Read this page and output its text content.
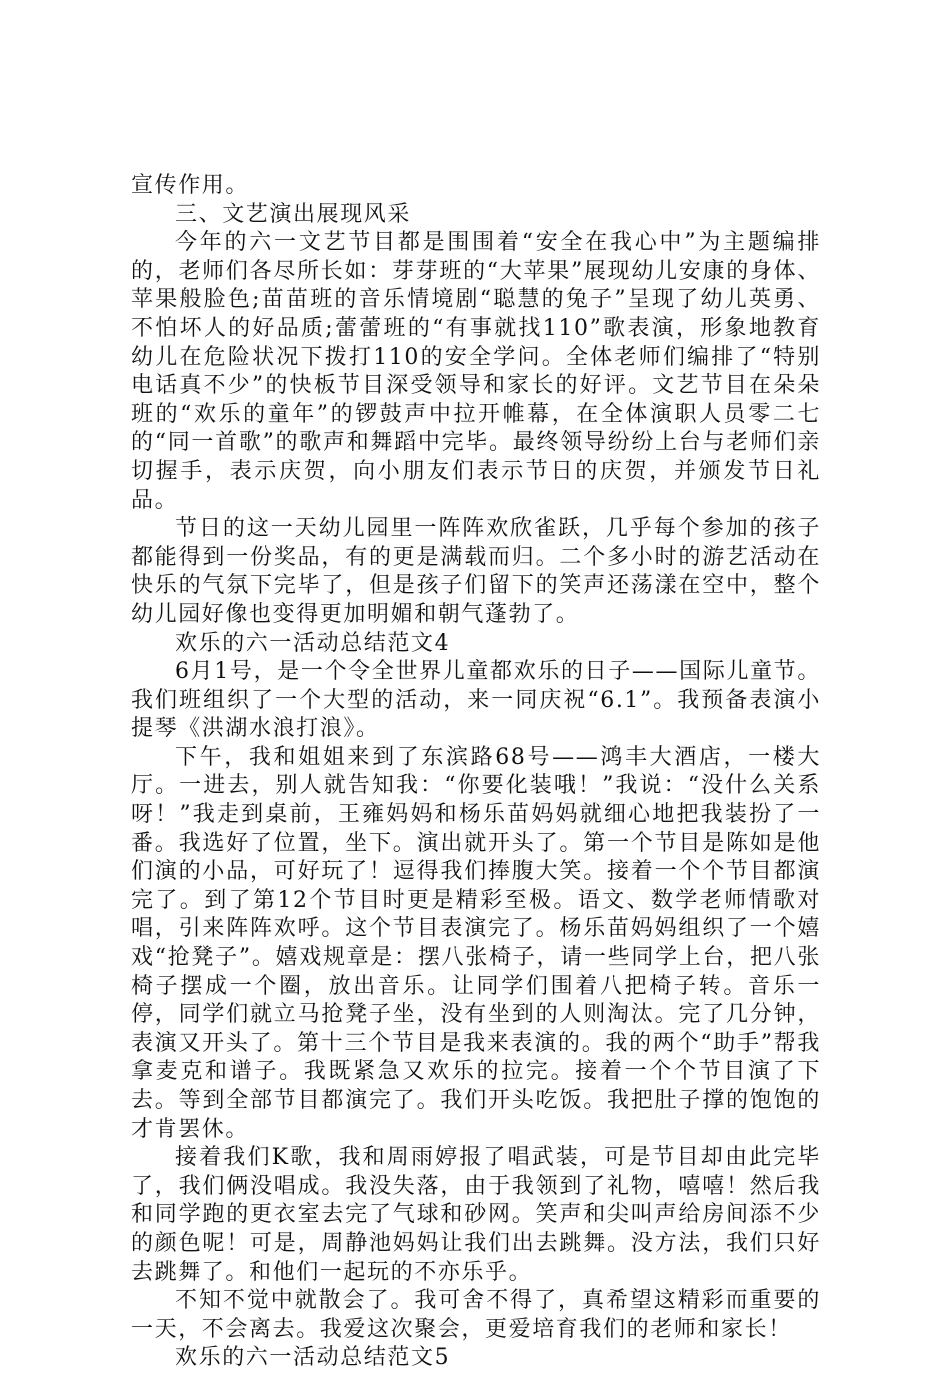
宣传作用。

三、文艺演出展现风采

今年的六一文艺节目都是围围着“安全在我心中”为主题编排的，老师们各尽所长如：芽芽班的“大苹果”展现幼儿安康的身体、苹果般脸色;苗苗班的音乐情境剧“聪慧的兔子”呈现了幼儿英勇、不怕坏人的好品质;蕾蕾班的“有事就找110”歌表演，形象地教育幼儿在危险状况下拨打110的安全学问。全体老师们编排了“特别电话真不少”的快板节目深受领导和家长的好评。文艺节目在朵朵班的“欢乐的童年”的锣鼓声中拉开帷幕，在全体演职人员零二七的“同一首歌”的歌声和舞蹈中完毕。最终领导纷纷上台与老师们亲切握手，表示庆贺，向小朋友们表示节日的庆贺，并颁发节日礼品。

节日的这一天幼儿园里一阵阵欢欣雀跃，几乎每个参加的孩子都能得到一份奖品，有的更是满载而归。二个多小时的游艺活动在快乐的气氛下完毕了，但是孩子们留下的笑声还荡漾在空中，整个幼儿园好像也变得更加明媚和朝气蓬勃了。

欢乐的六一活动总结范文4

6月1号，是一个令全世界儿童都欢乐的日子——国际儿童节。我们班组织了一个大型的活动，来一同庆祝“6.1”。我预备表演小提琴《洪湖水浪打浪》。

下午，我和姐姐来到了东滨路68号——鸿丰大酒店，一楼大厅。一进去，别人就告知我：“你要化装哦！”我说：“没什么关系呀！”我走到桌前，王雍妈妈和杨乐苗妈妈就细心地把我装扮了一番。我选好了位置，坐下。演出就开头了。第一个节目是陈如是他们演的小品，可好玩了！逗得我们捧腹大笑。接着一个个节目都演完了。到了第12个节目时更是精彩至极。语文、数学老师情歌对唱，引来阵阵欢呼。这个节目表演完了。杨乐苗妈妈组织了一个嬉戏“抢凳子”。嬉戏规章是：摆八张椅子，请一些同学上台，把八张椅子摆成一个圈，放出音乐。让同学们围着八把椅子转。音乐一停，同学们就立马抢凳子坐，没有坐到的人则淘汰。完了几分钟，表演又开头了。第十三个节目是我来表演的。我的两个“助手”帮我拿麦克和谱子。我既紧急又欢乐的拉完。接着一个个节目演了下去。等到全部节目都演完了。我们开头吃饭。我把肚子撑的饱饱的才肯罢休。

接着我们K歌，我和周雨婷报了唱武装，可是节目却由此完毕了，我们俩没唱成。我没失落，由于我领到了礼物，嘻嘻！然后我和同学跑的更衣室去完了气球和砂网。笑声和尖叫声给房间添不少的颜色呢！可是，周静池妈妈让我们出去跳舞。没方法，我们只好去跳舞了。和他们一起玩的不亦乐乎。

不知不觉中就散会了。我可舍不得了，真希望这精彩而重要的一天，不会离去。我爱这次聚会，更爱培育我们的老师和家长！

欢乐的六一活动总结范文5
